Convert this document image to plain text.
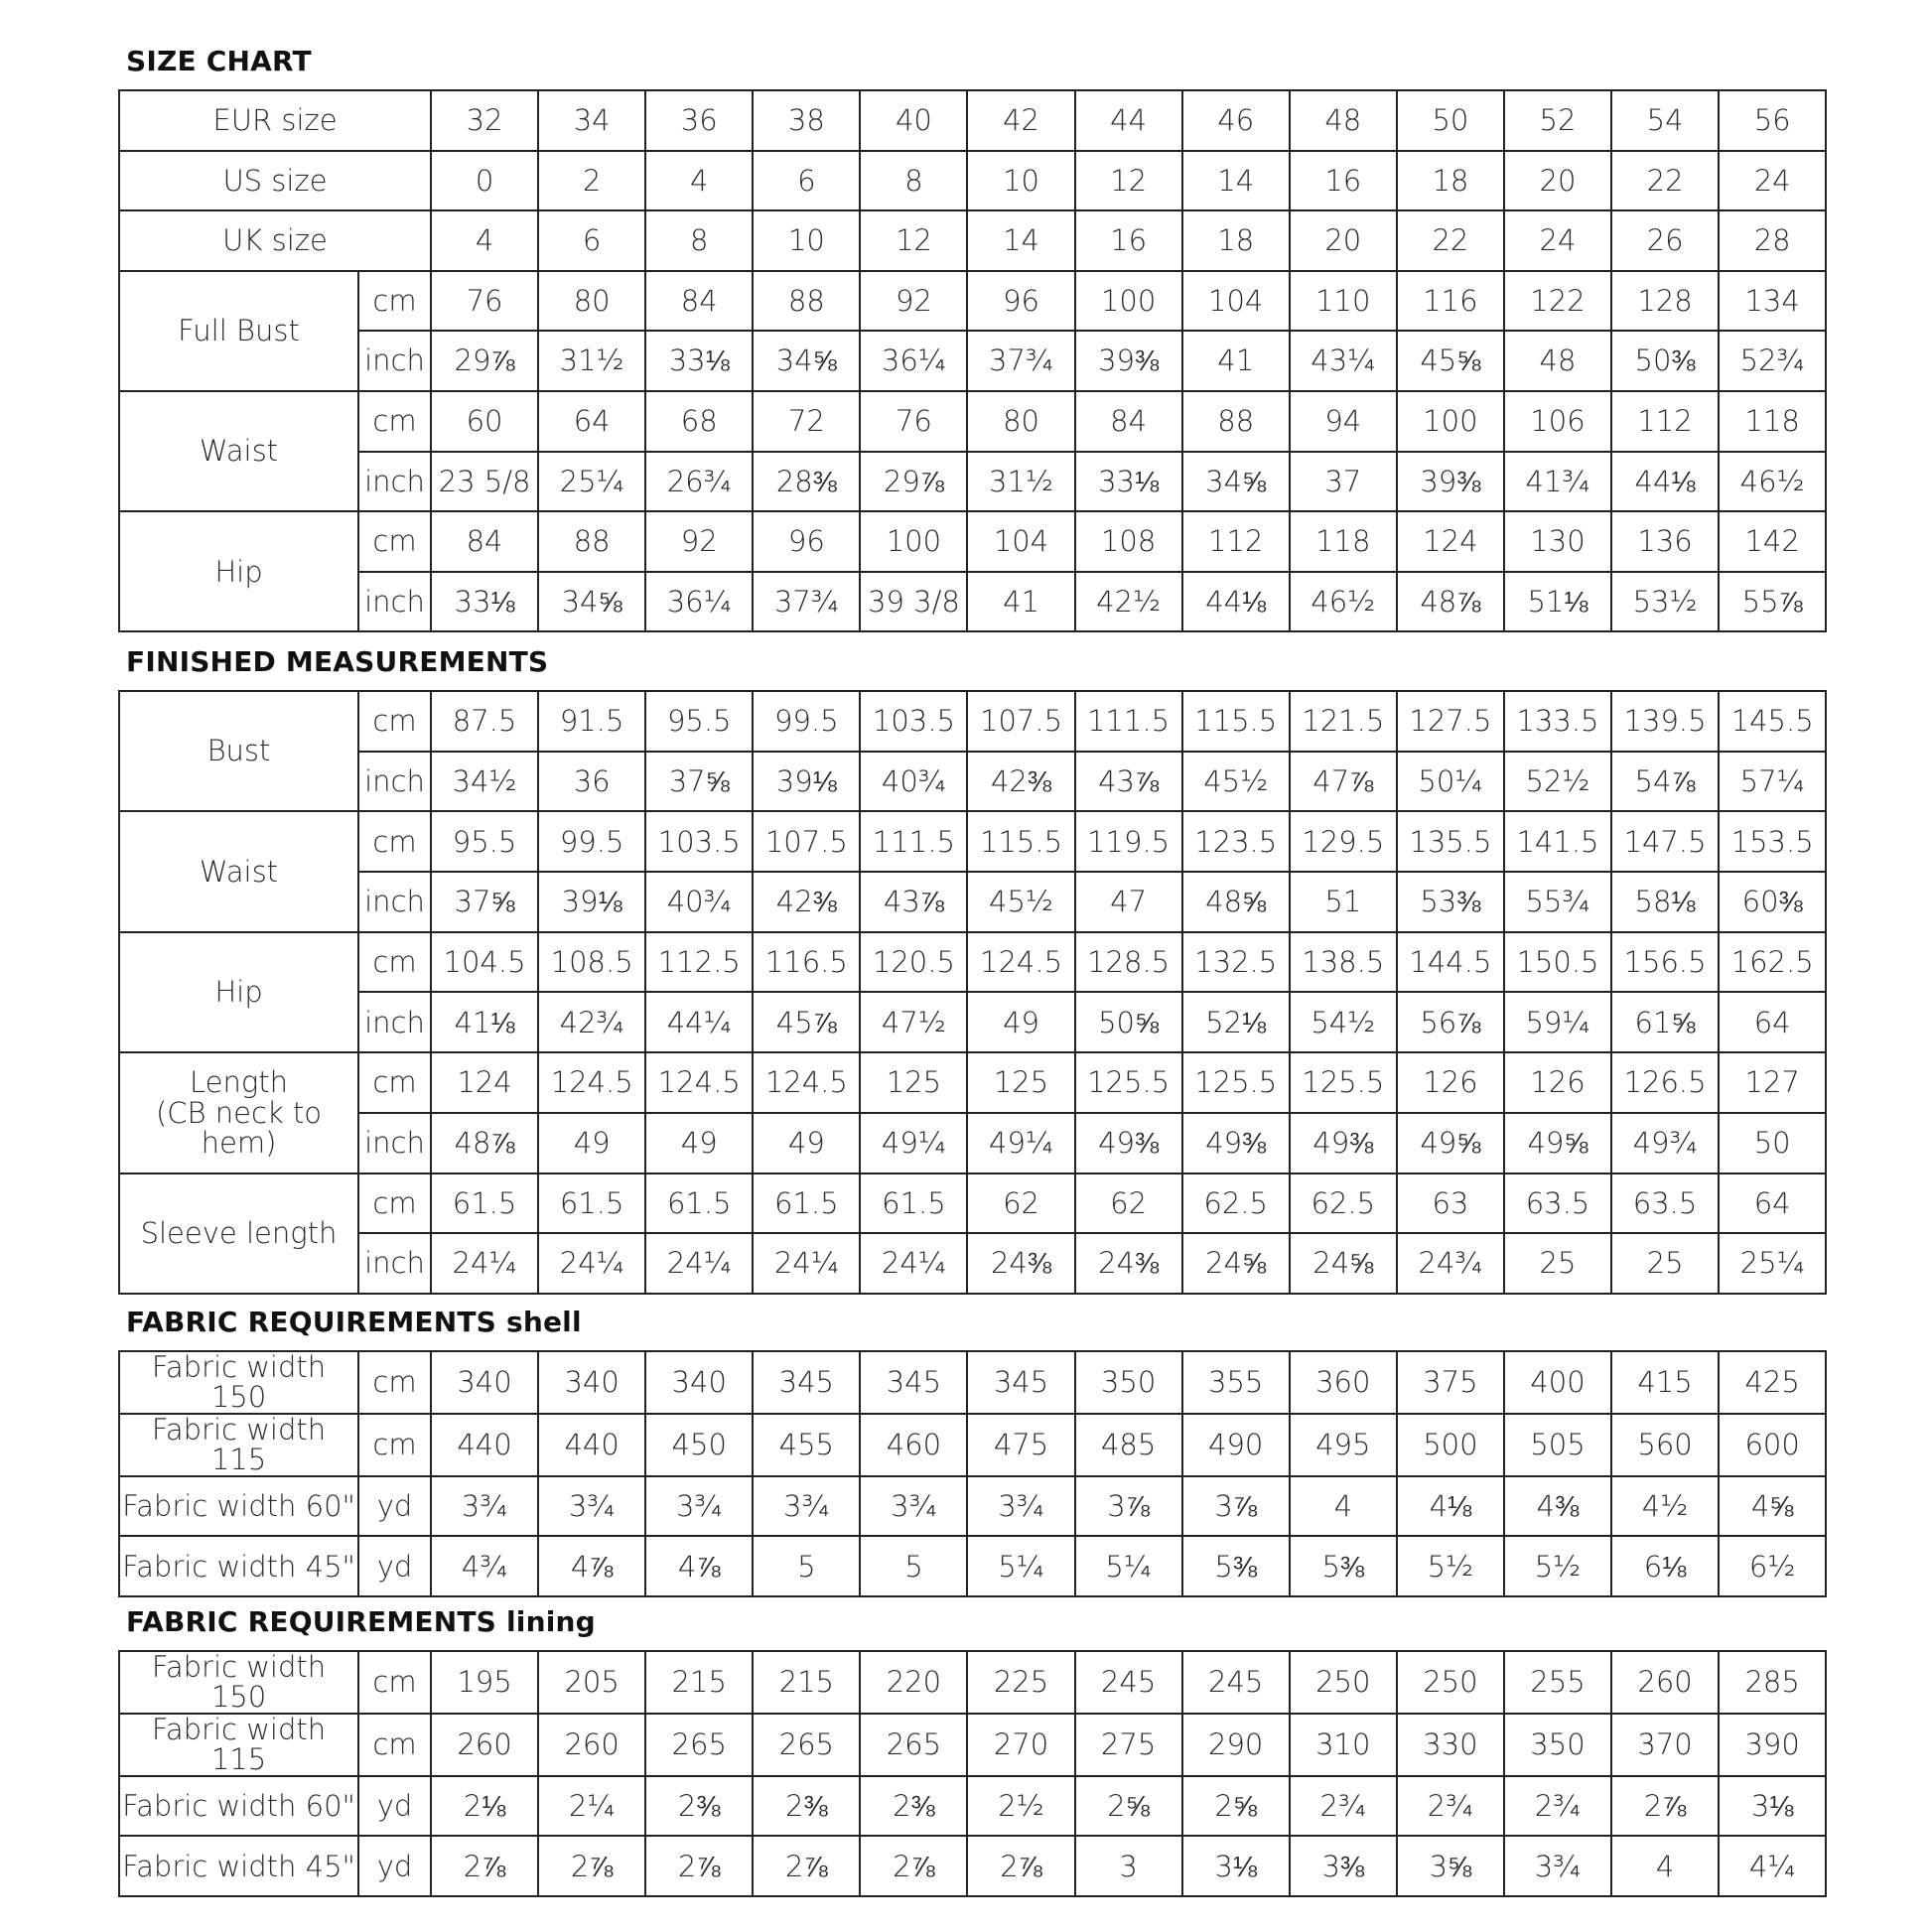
SIZE CHART
EUR size		32	34	36	38	40	42	44	46	48	50	52	54	56
US size		0	2	4	6	8	10	12	14	16	18	20	22	24
UK size		4	6	8	10	12	14	16	18	20	22	24	26	28
Full Bust	cm	76	80	84	88	92	96	100	104	110	116	122	128	134
	inch	29⅞	31½	33⅛	34⅝	36¼	37¾	39⅜	41	43¼	45⅝	48	50⅜	52¾
Waist	cm	60	64	68	72	76	80	84	88	94	100	106	112	118
	inch	23 5/8	25¼	26¾	28⅜	29⅞	31½	33⅛	34⅝	37	39⅜	41¾	44⅛	46½
Hip	cm	84	88	92	96	100	104	108	112	118	124	130	136	142
	inch	33⅛	34⅝	36¼	37¾	39 3/8	41	42½	44⅛	46½	48⅞	51⅛	53½	55⅞
FINISHED MEASUREMENTS
Bust	cm	87.5	91.5	95.5	99.5	103.5	107.5	111.5	115.5	121.5	127.5	133.5	139.5	145.5
	inch	34½	36	37⅝	39⅛	40¾	42⅜	43⅞	45½	47⅞	50¼	52½	54⅞	57¼
Waist	cm	95.5	99.5	103.5	107.5	111.5	115.5	119.5	123.5	129.5	135.5	141.5	147.5	153.5
	inch	37⅝	39⅛	40¾	42⅜	43⅞	45½	47	48⅝	51	53⅜	55¾	58⅛	60⅜
Hip	cm	104.5	108.5	112.5	116.5	120.5	124.5	128.5	132.5	138.5	144.5	150.5	156.5	162.5
	inch	41⅛	42¾	44¼	45⅞	47½	49	50⅝	52⅛	54½	56⅞	59¼	61⅝	64
Length
(CB neck to hem)	cm	124	124.5	124.5	124.5	125	125	125.5	125.5	125.5	126	126	126.5	127
	inch	48⅞	49	49	49	49¼	49¼	49⅜	49⅜	49⅜	49⅝	49⅝	49¾	50
Sleeve length	cm	61.5	61.5	61.5	61.5	61.5	62	62	62.5	62.5	63	63.5	63.5	64
	inch	24¼	24¼	24¼	24¼	24¼	24⅜	24⅜	24⅝	24⅝	24¾	25	25	25¼
FABRIC REQUIREMENTS shell
Fabric width 150	cm	340	340	340	345	345	345	350	355	360	375	400	415	425
Fabric width 115	cm	440	440	450	455	460	475	485	490	495	500	505	560	600
Fabric width 60"	yd	3¾	3¾	3¾	3¾	3¾	3¾	3⅞	3⅞	4	4⅛	4⅜	4½	4⅝
Fabric width 45"	yd	4¾	4⅞	4⅞	5	5	5¼	5¼	5⅜	5⅜	5½	5½	6⅛	6½
FABRIC REQUIREMENTS lining
Fabric width 150	cm	195	205	215	215	220	225	245	245	250	250	255	260	285
Fabric width 115	cm	260	260	265	265	265	270	275	290	310	330	350	370	390
Fabric width 60"	yd	2⅛	2¼	2⅜	2⅜	2⅜	2½	2⅝	2⅝	2¾	2¾	2¾	2⅞	3⅛
Fabric width 45"	yd	2⅞	2⅞	2⅞	2⅞	2⅞	2⅞	3	3⅛	3⅜	3⅝	3¾	4	4¼
